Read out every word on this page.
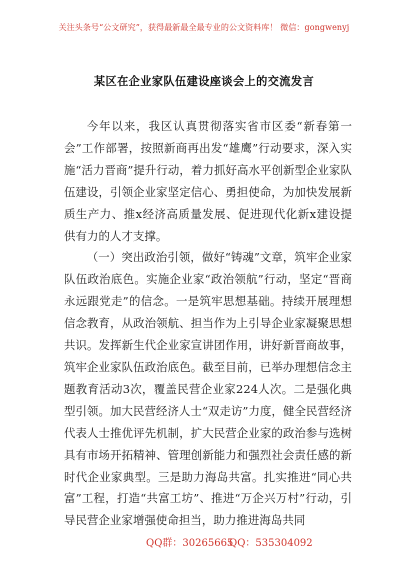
关注头条号“公文研究”，获得最新最全最专业的公文资料库！ 微信：gongwenyj
某区在企业家队伍建设座谈会上的交流发言

今年以来，我区认真贯彻落实省市区委“新春第一会”工作部署，按照新商再出发“雄鹰”行动要求，深入实施“活力晋商”提升行动，着力抓好高水平创新型企业家队伍建设，引领企业家坚定信心、勇担使命，为加快发展新质生产力、推x经济高质量发展、促进现代化新x建设提供有力的人才支撑。

（一）突出政治引领，做好“铸魂”文章，筑牢企业家队伍政治底色。实施企业家“政治领航”行动，坚定“晋商永远跟党走”的信念。一是筑牢思想基础。持续开展理想信念教育，从政治领航、担当作为上引导企业家凝聚思想共识。发挥新生代企业家宣讲团作用，讲好新晋商故事，筑牢企业家队伍政治底色。截至目前，已举办理想信念主题教育活动3次，覆盖民营企业家224人次。二是强化典型引领。加大民营经济人士“双走访”力度，健全民营经济代表人士推优评先机制，扩大民营企业家的政治参与选树具有市场开拓精神、管理创新能力和强烈社会责任感的新时代企业家典型。三是助力海岛共富。扎实推进“同心共富”工程，打造“共富工坊”、推进“万企兴万村”行动，引导民营企业家增强使命担当，助力推进海岛共同

QQ群：30265665
QQ：535304092
